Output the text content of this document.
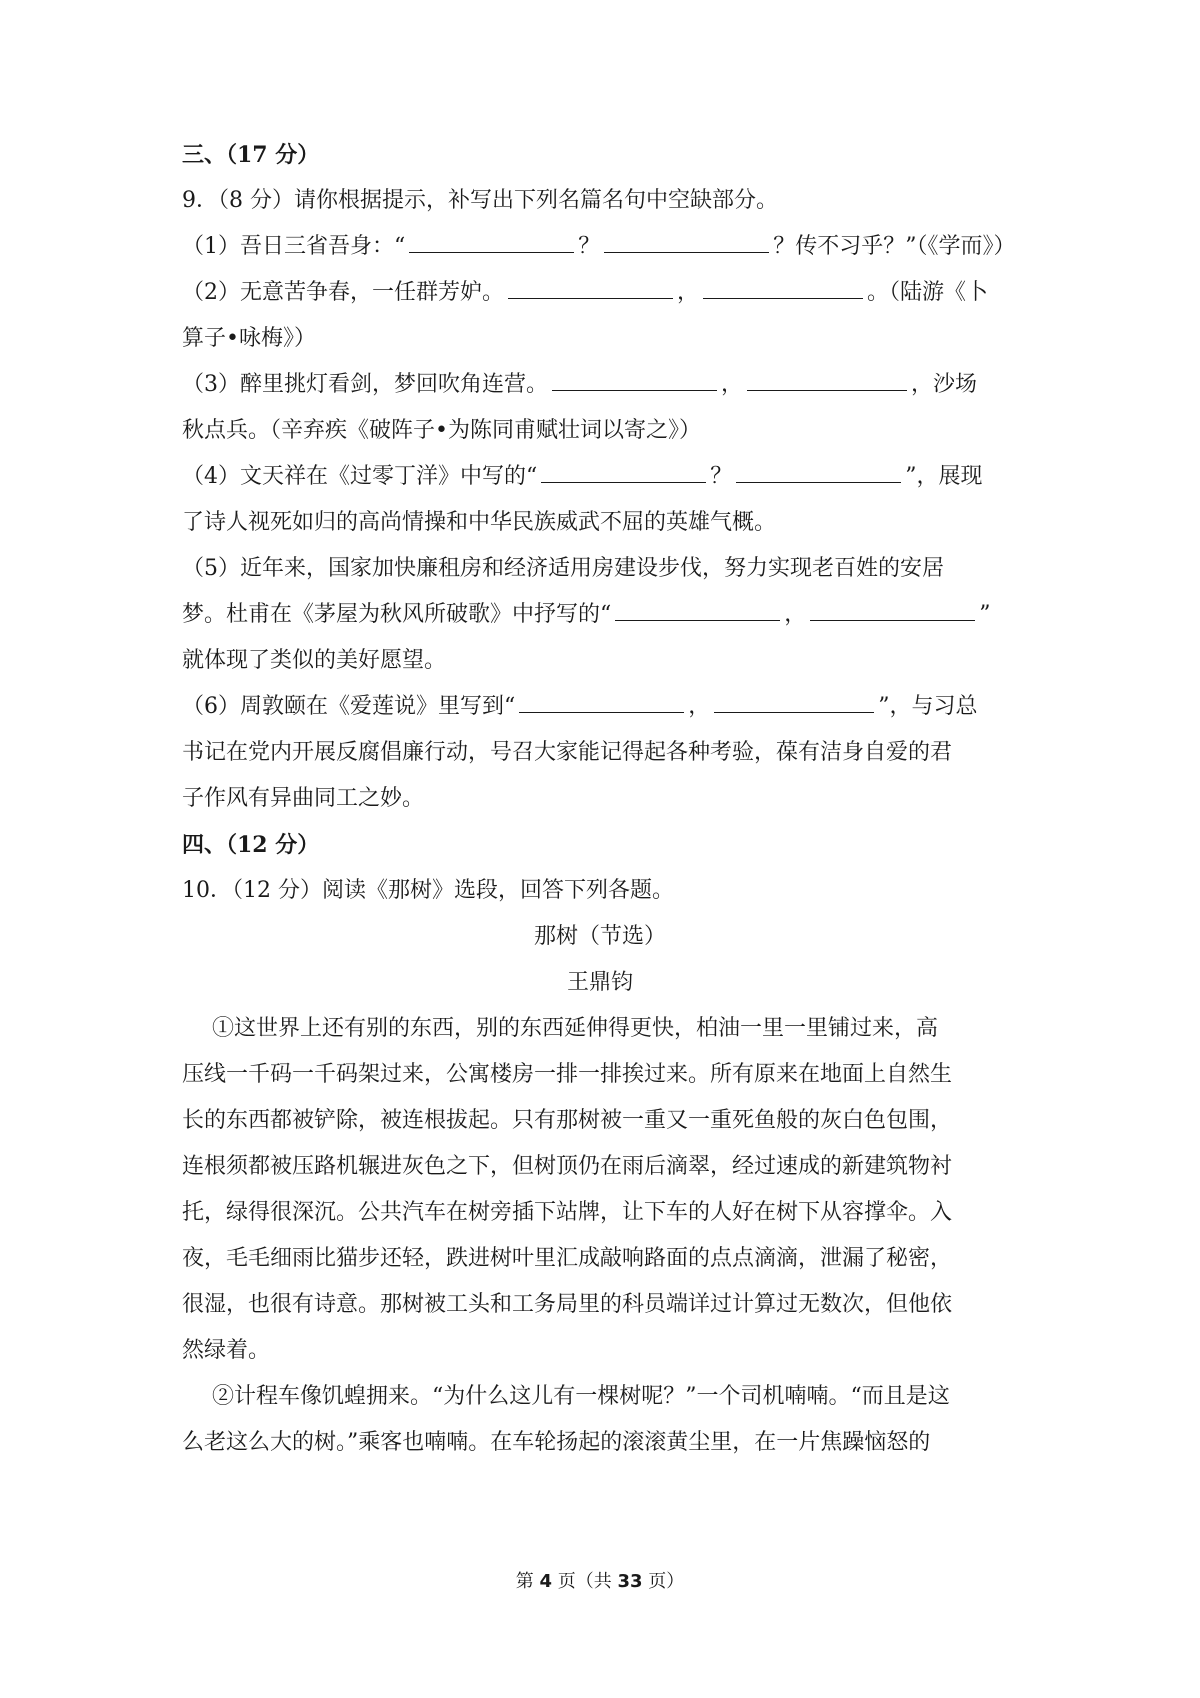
三、（17 分）
9．（8 分）请你根据提示，补写出下列名篇名句中空缺部分。
（1）吾日三省吾身：“	？	？传不习乎？”（《学而》）
（2）无意苦争春，一任群芳妒。	，	。（陆游《卜
算子•咏梅》）
（3）醉里挑灯看剑，梦回吹角连营。	，	，沙场
秋点兵。（辛弃疾《破阵子•为陈同甫赋壮词以寄之》）
（4）文天祥在《过零丁洋》中写的“	？	”，展现
了诗人视死如归的高尚情操和中华民族威武不屈的英雄气概。
（5）近年来，国家加快廉租房和经济适用房建设步伐，努力实现老百姓的安居
梦。杜甫在《茅屋为秋风所破歌》中抒写的“	，	”
就体现了类似的美好愿望。
（6）周敦颐在《爱莲说》里写到“	，	”，与习总
书记在党内开展反腐倡廉行动，号召大家能记得起各种考验，葆有洁身自爱的君
子作风有异曲同工之妙。
四、（12 分）
10．（12 分）阅读《那树》选段，回答下列各题。
那树（节选）
王鼎钧
①这世界上还有别的东西，别的东西延伸得更快，柏油一里一里铺过来，高
压线一千码一千码架过来，公寓楼房一排一排挨过来。所有原来在地面上自然生
长的东西都被铲除，被连根拔起。只有那树被一重又一重死鱼般的灰白色包围，
连根须都被压路机辗进灰色之下，但树顶仍在雨后滴翠，经过速成的新建筑物衬
托，绿得很深沉。公共汽车在树旁插下站牌，让下车的人好在树下从容撑伞。入
夜，毛毛细雨比猫步还轻，跌进树叶里汇成敲响路面的点点滴滴，泄漏了秘密，
很湿，也很有诗意。那树被工头和工务局里的科员端详过计算过无数次，但他依
然绿着。
②计程车像饥蝗拥来。“为什么这儿有一棵树呢？”一个司机喃喃。“而且是这
么老这么大的树。”乘客也喃喃。在车轮扬起的滚滚黄尘里，在一片焦躁恼怒的
第 4 页（共 33 页）
